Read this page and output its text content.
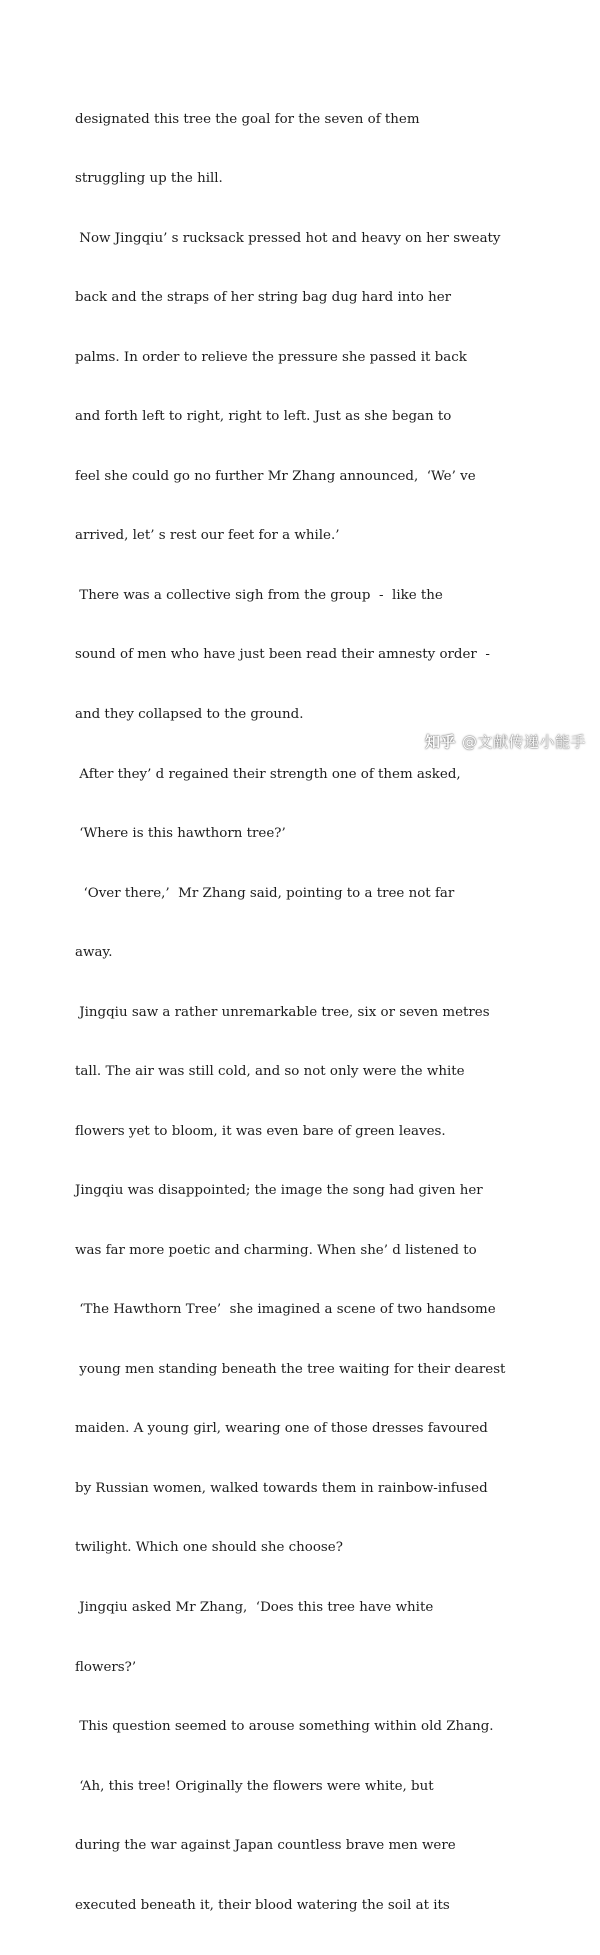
designated this tree the goal for the seven of them

struggling up the hill.

Now Jingqiu’ s rucksack pressed hot and heavy on her sweaty

back and the straps of her string bag dug hard into her

palms. In order to relieve the pressure she passed it back

and forth left to right, right to left. Just as she began to

feel she could go no further Mr Zhang announced,  ‘We’ ve

arrived, let’ s rest our feet for a while.’

There was a collective sigh from the group  -  like the

sound of men who have just been read their amnesty order  -

and they collapsed to the ground.

After they’ d regained their strength one of them asked,

‘Where is this hawthorn tree?’

‘Over there,’  Mr Zhang said, pointing to a tree not far

away.

Jingqiu saw a rather unremarkable tree, six or seven metres

tall. The air was still cold, and so not only were the white

flowers yet to bloom, it was even bare of green leaves.

Jingqiu was disappointed; the image the song had given her

was far more poetic and charming. When she’ d listened to

‘The Hawthorn Tree’  she imagined a scene of two handsome

young men standing beneath the tree waiting for their dearest

maiden. A young girl, wearing one of those dresses favoured

by Russian women, walked towards them in rainbow-infused

twilight. Which one should she choose?

Jingqiu asked Mr Zhang,  ‘Does this tree have white

flowers?’

This question seemed to arouse something within old Zhang.

‘Ah, this tree! Originally the flowers were white, but

during the war against Japan countless brave men were

executed beneath it, their blood watering the soil at its

知乎 @文献传递小能手
